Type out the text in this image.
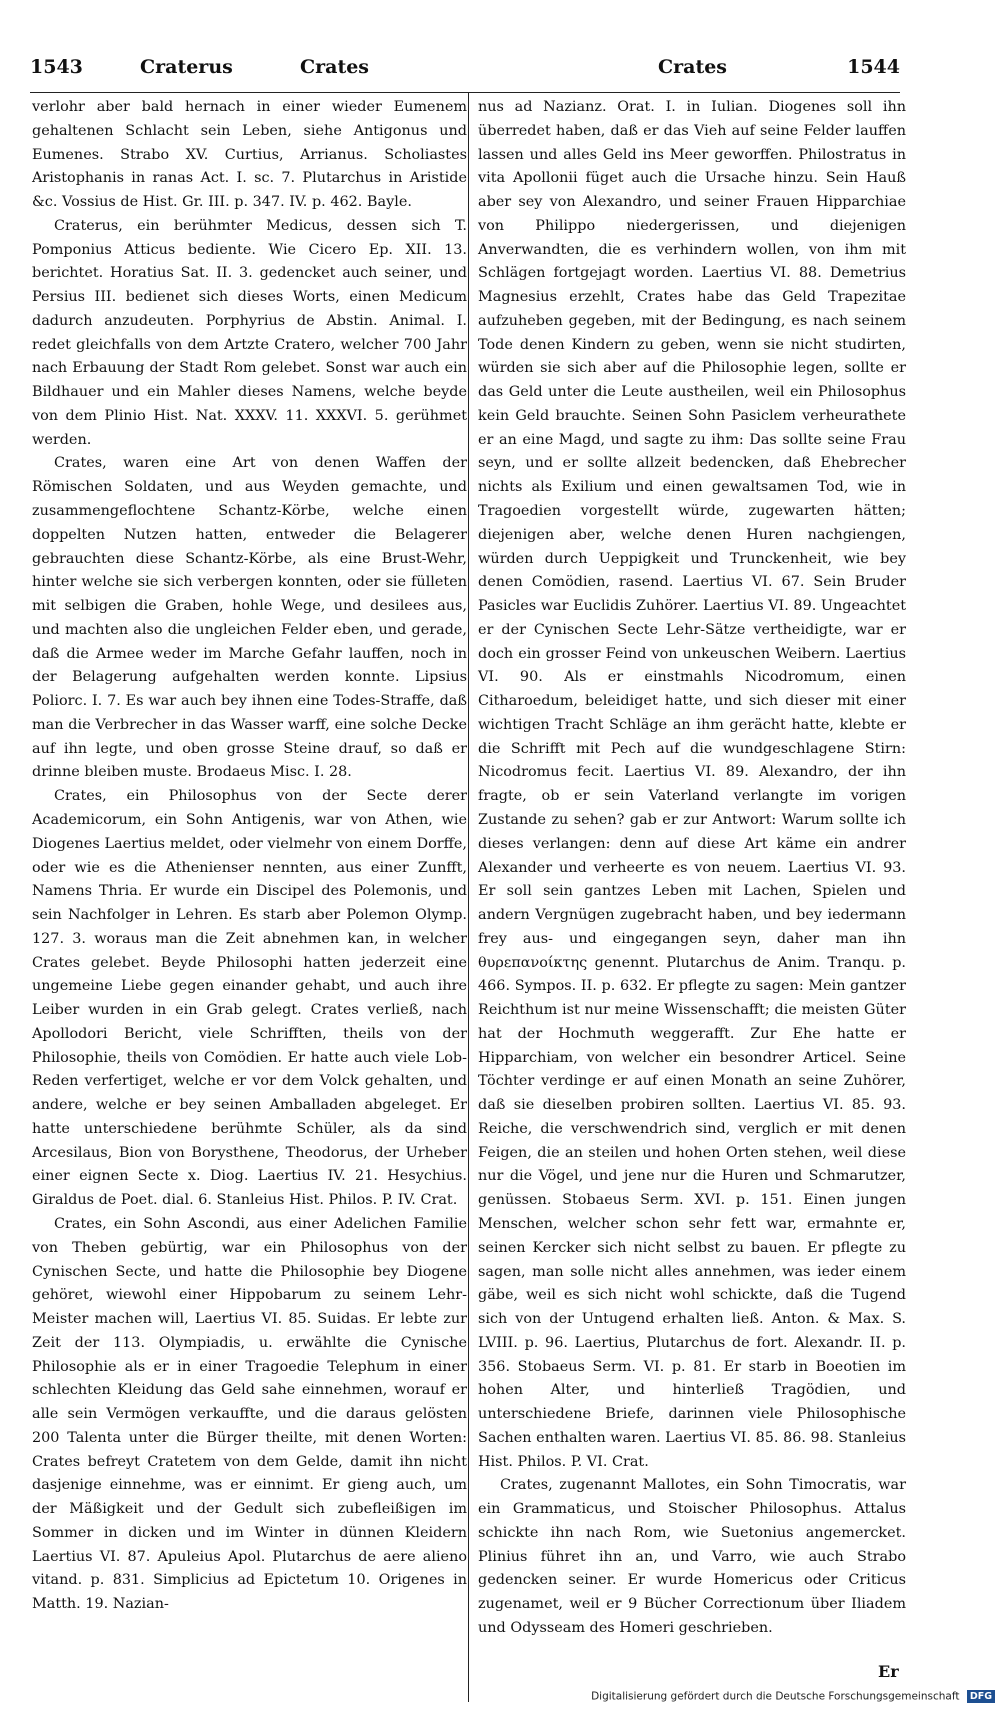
1543	Craterus	Crates	Crates	1544

verlohr aber bald hernach in einer wieder Eumenem gehaltenen Schlacht sein Leben, siehe Antigonus und Eumenes. Strabo XV. Curtius, Arrianus. Scholiastes Aristophanis in ranas Act. I. sc. 7. Plutarchus in Aristide &c. Vossius de Hist. Gr. III. p. 347. IV. p. 462. Bayle.

Craterus, ein berühmter Medicus, dessen sich T. Pomponius Atticus bediente. Wie Cicero Ep. XII. 13. berichtet. Horatius Sat. II. 3. gedencket auch seiner, und Persius III. bedienet sich dieses Worts, einen Medicum dadurch anzudeuten. Porphyrius de Abstin. Animal. I. redet gleichfalls von dem Artzte Cratero, welcher 700 Jahr nach Erbauung der Stadt Rom gelebet. Sonst war auch ein Bildhauer und ein Mahler dieses Namens, welche beyde von dem Plinio Hist. Nat. XXXV. 11. XXXVI. 5. gerühmet werden.

Crates, waren eine Art von denen Waffen der Römischen Soldaten, und aus Weyden gemachte, und zusammengeflochtene Schantz-Körbe, welche einen doppelten Nutzen hatten, entweder die Belagerer gebrauchten diese Schantz-Körbe, als eine Brust-Wehr, hinter welche sie sich verbergen konnten, oder sie fülleten mit selbigen die Graben, hohle Wege, und desilees aus, und machten also die ungleichen Felder eben, und gerade, daß die Armee weder im Marche Gefahr lauffen, noch in der Belagerung aufgehalten werden konnte. Lipsius Poliorc. I. 7. Es war auch bey ihnen eine Todes-Straffe, daß man die Verbrecher in das Wasser warff, eine solche Decke auf ihn legte, und oben grosse Steine drauf, so daß er drinne bleiben muste. Brodaeus Misc. I. 28.

Crates, ein Philosophus von der Secte derer Academicorum, ein Sohn Antigenis, war von Athen, wie Diogenes Laertius meldet, oder vielmehr von einem Dorffe, oder wie es die Athenienser nennten, aus einer Zunfft, Namens Thria. Er wurde ein Discipel des Polemonis, und sein Nachfolger in Lehren. Es starb aber Polemon Olymp. 127. 3. woraus man die Zeit abnehmen kan, in welcher Crates gelebet. Beyde Philosophi hatten jederzeit eine ungemeine Liebe gegen einander gehabt, und auch ihre Leiber wurden in ein Grab gelegt. Crates verließ, nach Apollodori Bericht, viele Schrifften, theils von der Philosophie, theils von Comödien. Er hatte auch viele Lob-Reden verfertiget, welche er vor dem Volck gehalten, und andere, welche er bey seinen Amballaden abgeleget. Er hatte unterschiedene berühmte Schüler, als da sind Arcesilaus, Bion von Borysthene, Theodorus, der Urheber einer eignen Secte x. Diog. Laertius IV. 21. Hesychius. Giraldus de Poet. dial. 6. Stanleius Hist. Philos. P. IV. Crat.

Crates, ein Sohn Ascondi, aus einer Adelichen Familie von Theben gebürtig, war ein Philosophus von der Cynischen Secte, und hatte die Philosophie bey Diogene gehöret, wiewohl einer Hippobarum zu seinem Lehr-Meister machen will, Laertius VI. 85. Suidas. Er lebte zur Zeit der 113. Olympiadis, u. erwählte die Cynische Philosophie als er in einer Tragoedie Telephum in einer schlechten Kleidung das Geld sahe einnehmen, worauf er alle sein Vermögen verkauffte, und die daraus gelösten 200 Talenta unter die Bürger theilte, mit denen Worten: Crates befreyt Cratetem von dem Gelde, damit ihn nicht dasjenige einnehme, was er einnimt. Er gieng auch, um der Mäßigkeit und der Gedult sich zubefleißigen im Sommer in dicken und im Winter in dünnen Kleidern Laertius VI. 87. Apuleius Apol. Plutarchus de aere alieno vitand. p. 831. Simplicius ad Epictetum 10. Origenes in Matth. 19. Nazian-

nus ad Nazianz. Orat. I. in Iulian. Diogenes soll ihn überredet haben, daß er das Vieh auf seine Felder lauffen lassen und alles Geld ins Meer geworffen. Philostratus in vita Apollonii füget auch die Ursache hinzu. Sein Hauß aber sey von Alexandro, und seiner Frauen Hipparchiae von Philippo niedergerissen, und diejenigen Anverwandten, die es verhindern wollen, von ihm mit Schlägen fortgejagt worden. Laertius VI. 88. Demetrius Magnesius erzehlt, Crates habe das Geld Trapezitae aufzuheben gegeben, mit der Bedingung, es nach seinem Tode denen Kindern zu geben, wenn sie nicht studirten, würden sie sich aber auf die Philosophie legen, sollte er das Geld unter die Leute austheilen, weil ein Philosophus kein Geld brauchte. Seinen Sohn Pasiclem verheurathete er an eine Magd, und sagte zu ihm: Das sollte seine Frau seyn, und er sollte allzeit bedencken, daß Ehebrecher nichts als Exilium und einen gewaltsamen Tod, wie in Tragoedien vorgestellt würde, zugewarten hätten; diejenigen aber, welche denen Huren nachgiengen, würden durch Ueppigkeit und Trunckenheit, wie bey denen Comödien, rasend. Laertius VI. 67. Sein Bruder Pasicles war Euclidis Zuhörer. Laertius VI. 89. Ungeachtet er der Cynischen Secte Lehr-Sätze vertheidigte, war er doch ein grosser Feind von unkeuschen Weibern. Laertius VI. 90. Als er einstmahls Nicodromum, einen Citharoedum, beleidiget hatte, und sich dieser mit einer wichtigen Tracht Schläge an ihm gerächt hatte, klebte er die Schrifft mit Pech auf die wundgeschlagene Stirn: Nicodromus fecit. Laertius VI. 89. Alexandro, der ihn fragte, ob er sein Vaterland verlangte im vorigen Zustande zu sehen? gab er zur Antwort: Warum sollte ich dieses verlangen: denn auf diese Art käme ein andrer Alexander und verheerte es von neuem. Laertius VI. 93. Er soll sein gantzes Leben mit Lachen, Spielen und andern Vergnügen zugebracht haben, und bey iedermann frey aus- und eingegangen seyn, daher man ihn θυρεπανοίκτης genennt. Plutarchus de Anim. Tranqu. p. 466. Sympos. II. p. 632. Er pflegte zu sagen: Mein gantzer Reichthum ist nur meine Wissenschafft; die meisten Güter hat der Hochmuth weggerafft. Zur Ehe hatte er Hipparchiam, von welcher ein besondrer Articel. Seine Töchter verdinge er auf einen Monath an seine Zuhörer, daß sie dieselben probiren sollten. Laertius VI. 85. 93. Reiche, die verschwendrich sind, verglich er mit denen Feigen, die an steilen und hohen Orten stehen, weil diese nur die Vögel, und jene nur die Huren und Schmarutzer, genüssen. Stobaeus Serm. XVI. p. 151. Einen jungen Menschen, welcher schon sehr fett war, ermahnte er, seinen Kercker sich nicht selbst zu bauen. Er pflegte zu sagen, man solle nicht alles annehmen, was ieder einem gäbe, weil es sich nicht wohl schickte, daß die Tugend sich von der Untugend erhalten ließ. Anton. & Max. S. LVIII. p. 96. Laertius, Plutarchus de fort. Alexandr. II. p. 356. Stobaeus Serm. VI. p. 81. Er starb in Boeotien im hohen Alter, und hinterließ Tragödien, und unterschiedene Briefe, darinnen viele Philosophische Sachen enthalten waren. Laertius VI. 85. 86. 98. Stanleius Hist. Philos. P. VI. Crat.

Crates, zugenannt Mallotes, ein Sohn Timocratis, war ein Grammaticus, und Stoischer Philosophus. Attalus schickte ihn nach Rom, wie Suetonius angemercket. Plinius führet ihn an, und Varro, wie auch Strabo gedencken seiner. Er wurde Homericus oder Criticus zugenamet, weil er 9 Bücher Correctionum über Iliadem und Odysseam des Homeri geschrieben.

Er
Digitalisierung gefördert durch die Deutsche Forschungsgemeinschaft DFG
